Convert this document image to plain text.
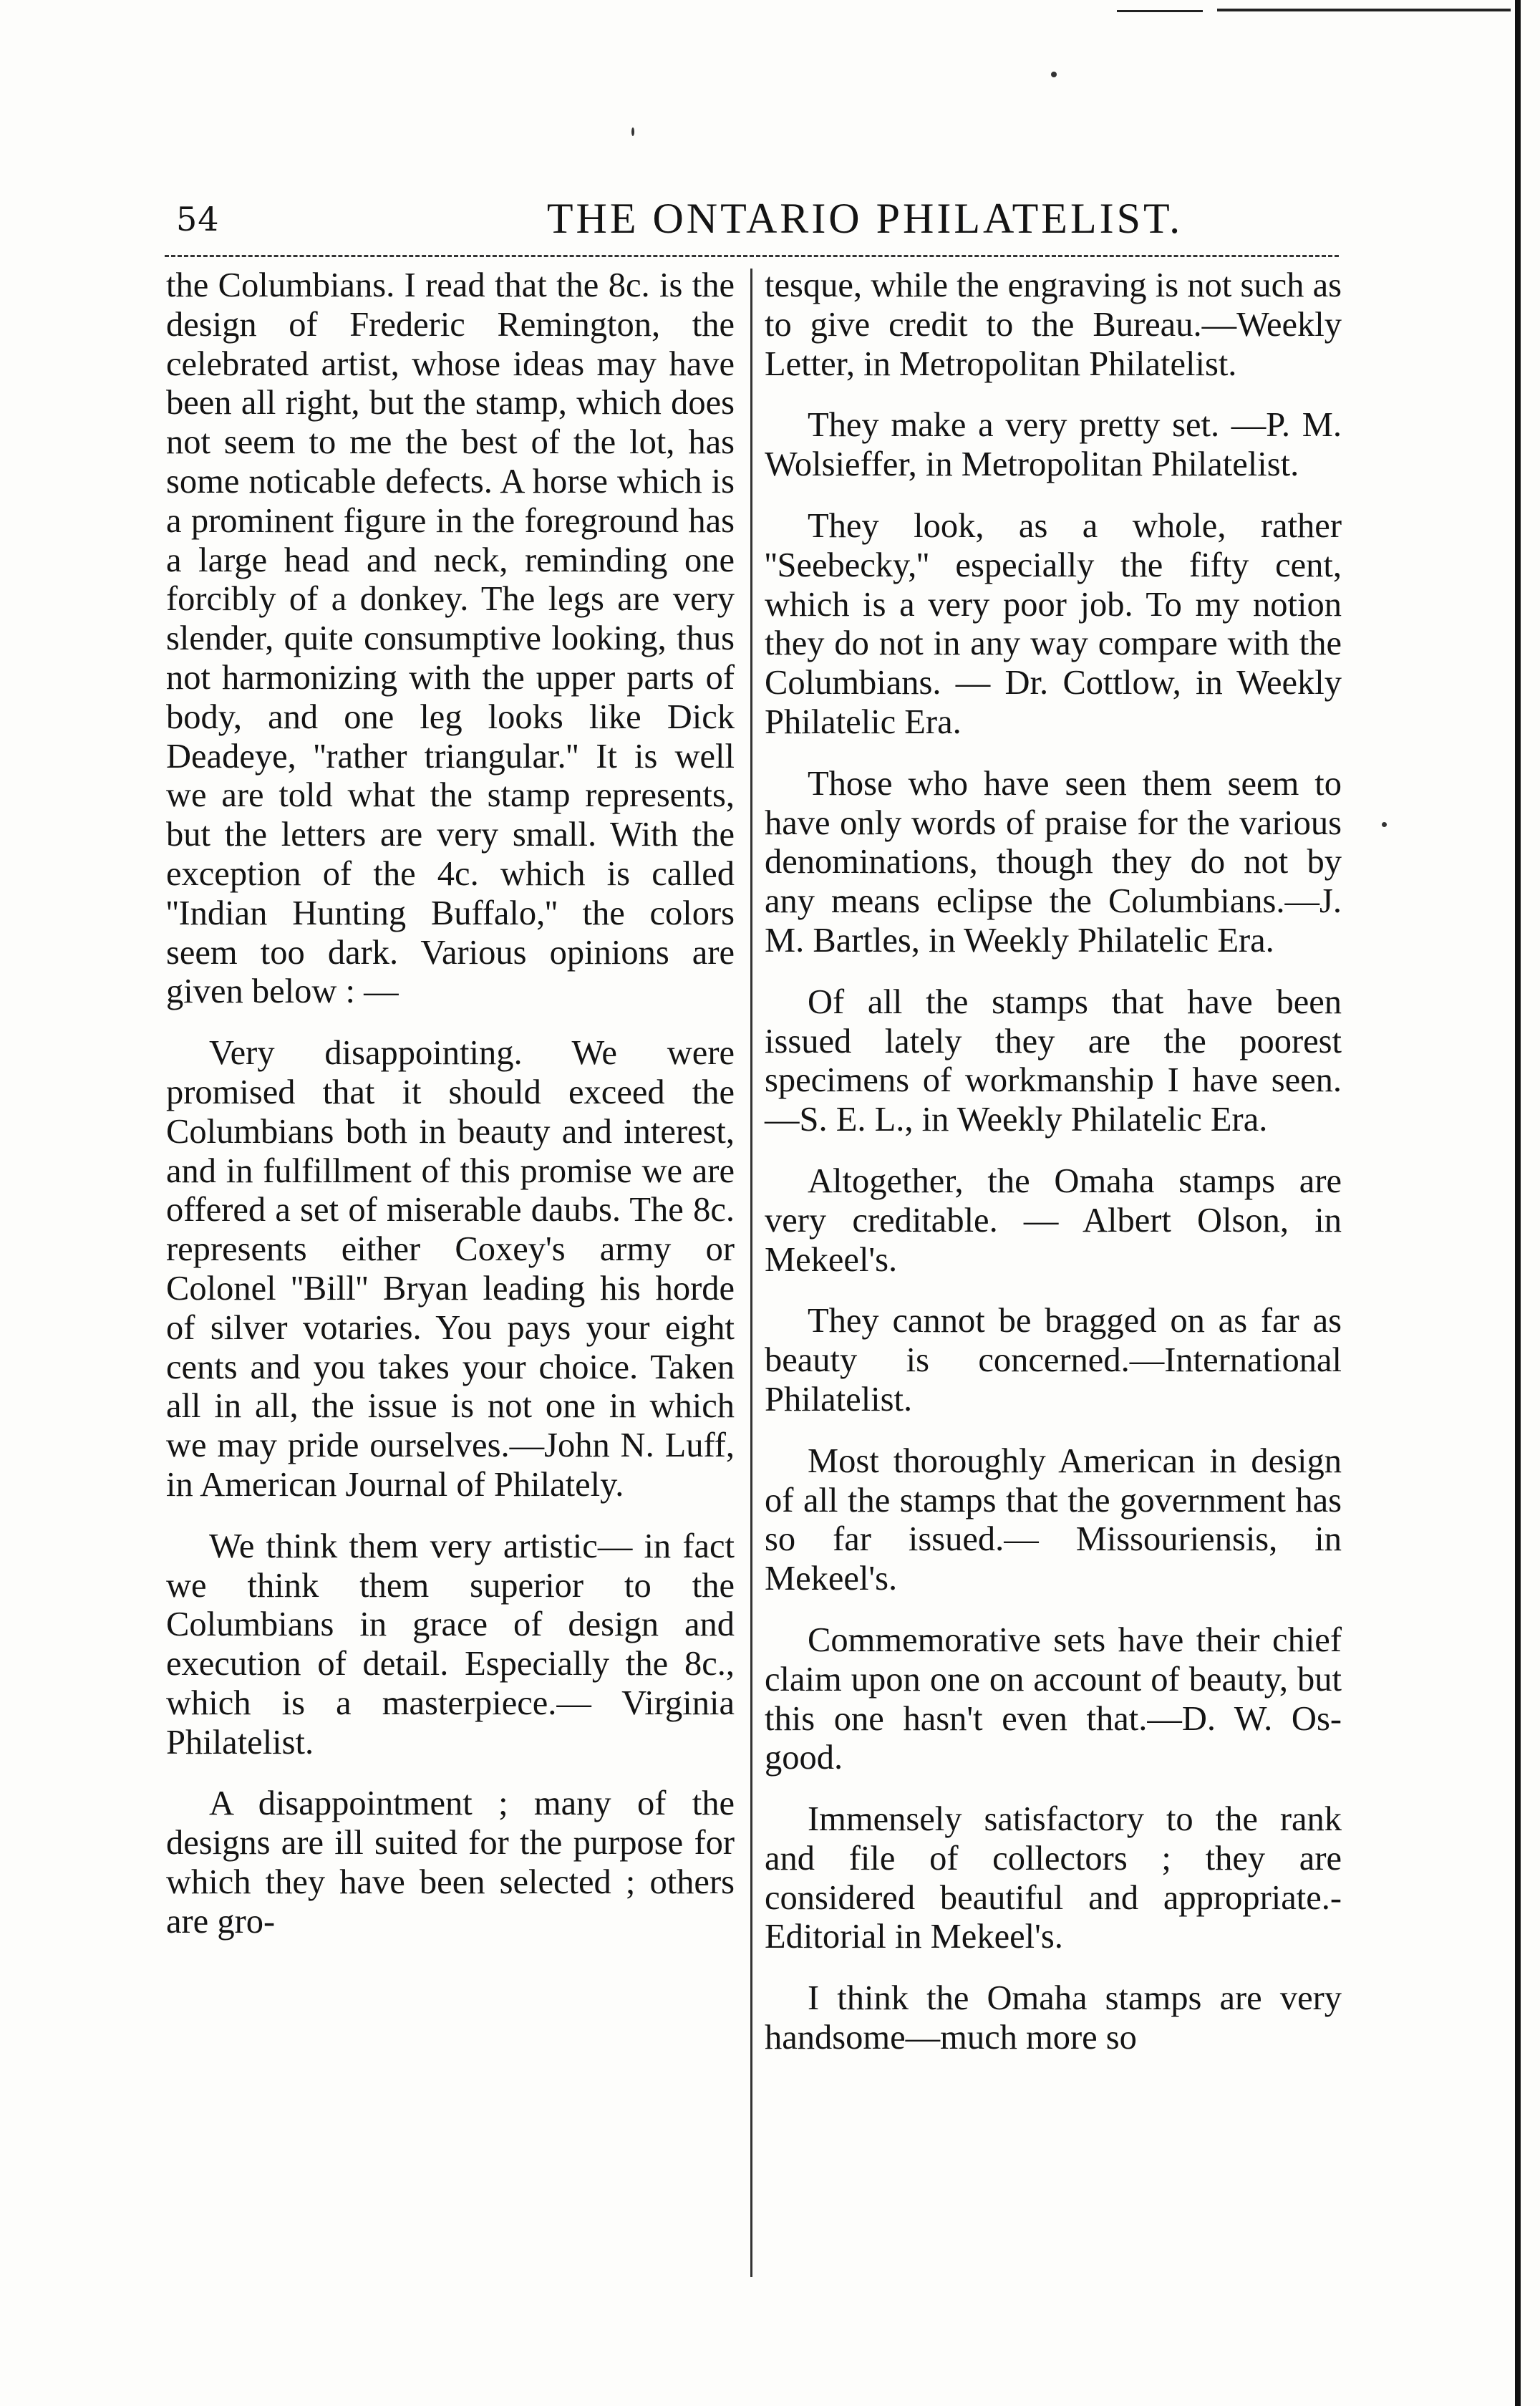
54	THE ONTARIO PHILATELIST.

the Columbians. I read that the 8c. is the design of Frederic Remington, the celebrated artist, whose ideas may have been all right, but the stamp, which does not seem to me the best of the lot, has some noticable defects. A horse which is a prominent figure in the foreground has a large head and neck, reminding one forcibly of a donkey. The legs are very slender, quite consumptive looking, thus not harmonizing with the upper parts of body, and one leg looks like Dick Deadeye, ''rather triangular.'' It is well we are told what the stamp represents, but the letters are very small. With the exception of the 4c. which is called ''Indian Hunting Buffalo,'' the colors seem too dark. Various opinions are given below : —

Very disappointing. We were promised that it should exceed the Columbians both in beauty and interest, and in fulfillment of this promise we are offered a set of miserable daubs. The 8c. represents either Coxey's army or Colonel ''Bill'' Bryan leading his horde of silver votaries. You pays your eight cents and you takes your choice. Taken all in all, the issue is not one in which we may pride ourselves.—John N. Luff, in American Journal of Philately.

We think them very artistic— in fact we think them superior to the Columbians in grace of design and execution of detail. Especially the 8c., which is a masterpiece.— Virginia Philatelist.

A disappointment ; many of the designs are ill suited for the purpose for which they have been selected ; others are gro-

tesque, while the engraving is not such as to give credit to the Bureau.—Weekly Letter, in Metropolitan Philatelist.

They make a very pretty set. —P. M. Wolsieffer, in Metropolitan Philatelist.

They look, as a whole, rather ''Seebecky,'' especially the fifty cent, which is a very poor job. To my notion they do not in any way compare with the Columbians. — Dr. Cottlow, in Weekly Philatelic Era.

Those who have seen them seem to have only words of praise for the various denominations, though they do not by any means eclipse the Columbians.—J. M. Bartles, in Weekly Philatelic Era.

Of all the stamps that have been issued lately they are the poorest specimens of workmanship I have seen.—S. E. L., in Weekly Philatelic Era.

Altogether, the Omaha stamps are very creditable. — Albert Olson, in Mekeel's.

They cannot be bragged on as far as beauty is concerned.—International Philatelist.

Most thoroughly American in design of all the stamps that the government has so far issued.— Missouriensis, in Mekeel's.

Commemorative sets have their chief claim upon one on account of beauty, but this one hasn't even that.—D. W. Osgood.

Immensely satisfactory to the rank and file of collectors ; they are considered beautiful and appropriate.-Editorial in Mekeel's.

I think the Omaha stamps are very handsome—much more so
